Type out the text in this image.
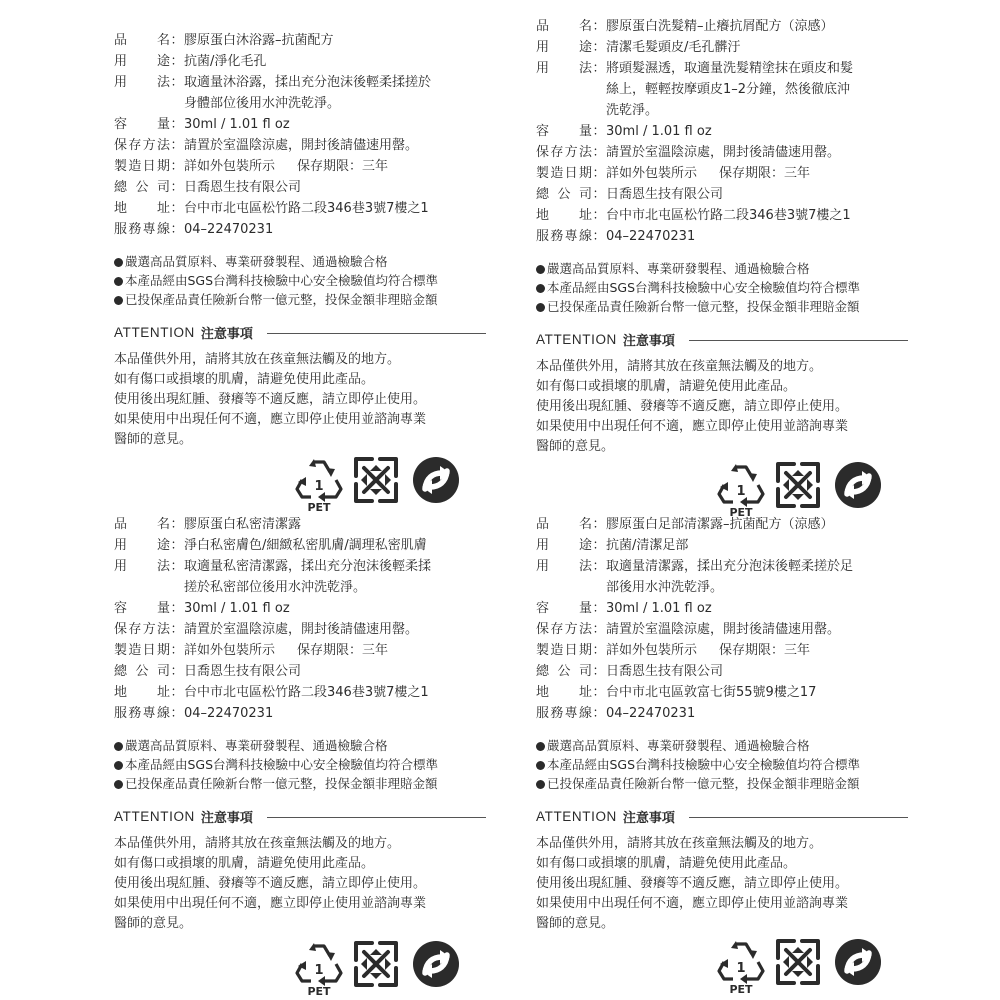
品 名 ： 膠原蛋白沐浴露–抗菌配方
用 途 ： 抗菌/淨化毛孔
用 法 ： 取適量沐浴露，揉出充分泡沫後輕柔揉搓於
身體部位後用水沖洗乾淨。
容 量 ： 30ml / 1.01 fl oz
保 存 方 法 ： 請置於室溫陰涼處，開封後請儘速用罄。
製 造 日 期 ： 詳如外包裝所示 保存期限：三年
總 公 司 ： 日喬恩生技有限公司
地 址 ： 台中市北屯區松竹路二段346巷3號7樓之1
服 務 專 線 ： 04–22470231
嚴選高品質原料、專業研發製程、通過檢驗合格
本產品經由SGS台灣科技檢驗中心安全檢驗值均符合標準
已投保產品責任險新台幣一億元整，投保金額非理賠金額
ATTENTION 注意事項
本品僅供外用，請將其放在孩童無法觸及的地方。
如有傷口或損壞的肌膚，請避免使用此產品。
使用後出現紅腫、發癢等不適反應，請立即停止使用。
如果使用中出現任何不適，應立即停止使用並諮詢專業
醫師的意見。
1
PET
品 名 ： 膠原蛋白洗髮精–止癢抗屑配方（涼感）
用 途 ： 清潔毛髮頭皮/毛孔髒汙
用 法 ： 將頭髮濕透，取適量洗髮精塗抹在頭皮和髮
絲上，輕輕按摩頭皮1–2分鐘，然後徹底沖
洗乾淨。
容 量 ： 30ml / 1.01 fl oz
保 存 方 法 ： 請置於室溫陰涼處，開封後請儘速用罄。
製 造 日 期 ： 詳如外包裝所示 保存期限：三年
總 公 司 ： 日喬恩生技有限公司
地 址 ： 台中市北屯區松竹路二段346巷3號7樓之1
服 務 專 線 ： 04–22470231
嚴選高品質原料、專業研發製程、通過檢驗合格
本產品經由SGS台灣科技檢驗中心安全檢驗值均符合標準
已投保產品責任險新台幣一億元整，投保金額非理賠金額
ATTENTION 注意事項
本品僅供外用，請將其放在孩童無法觸及的地方。
如有傷口或損壞的肌膚，請避免使用此產品。
使用後出現紅腫、發癢等不適反應，請立即停止使用。
如果使用中出現任何不適，應立即停止使用並諮詢專業
醫師的意見。
1
PET
品 名 ： 膠原蛋白私密清潔露
用 途 ： 淨白私密膚色/細緻私密肌膚/調理私密肌膚
用 法 ： 取適量私密清潔露，揉出充分泡沫後輕柔揉
搓於私密部位後用水沖洗乾淨。
容 量 ： 30ml / 1.01 fl oz
保 存 方 法 ： 請置於室溫陰涼處，開封後請儘速用罄。
製 造 日 期 ： 詳如外包裝所示 保存期限：三年
總 公 司 ： 日喬恩生技有限公司
地 址 ： 台中市北屯區松竹路二段346巷3號7樓之1
服 務 專 線 ： 04–22470231
嚴選高品質原料、專業研發製程、通過檢驗合格
本產品經由SGS台灣科技檢驗中心安全檢驗值均符合標準
已投保產品責任險新台幣一億元整，投保金額非理賠金額
ATTENTION 注意事項
本品僅供外用，請將其放在孩童無法觸及的地方。
如有傷口或損壞的肌膚，請避免使用此產品。
使用後出現紅腫、發癢等不適反應，請立即停止使用。
如果使用中出現任何不適，應立即停止使用並諮詢專業
醫師的意見。
1
PET
品 名 ： 膠原蛋白足部清潔露–抗菌配方（涼感）
用 途 ： 抗菌/清潔足部
用 法 ： 取適量清潔露，揉出充分泡沫後輕柔搓於足
部後用水沖洗乾淨。
容 量 ： 30ml / 1.01 fl oz
保 存 方 法 ： 請置於室溫陰涼處，開封後請儘速用罄。
製 造 日 期 ： 詳如外包裝所示 保存期限：三年
總 公 司 ： 日喬恩生技有限公司
地 址 ： 台中市北屯區敦富七街55號9樓之17
服 務 專 線 ： 04–22470231
嚴選高品質原料、專業研發製程、通過檢驗合格
本產品經由SGS台灣科技檢驗中心安全檢驗值均符合標準
已投保產品責任險新台幣一億元整，投保金額非理賠金額
ATTENTION 注意事項
本品僅供外用，請將其放在孩童無法觸及的地方。
如有傷口或損壞的肌膚，請避免使用此產品。
使用後出現紅腫、發癢等不適反應，請立即停止使用。
如果使用中出現任何不適，應立即停止使用並諮詢專業
醫師的意見。
1
PET
